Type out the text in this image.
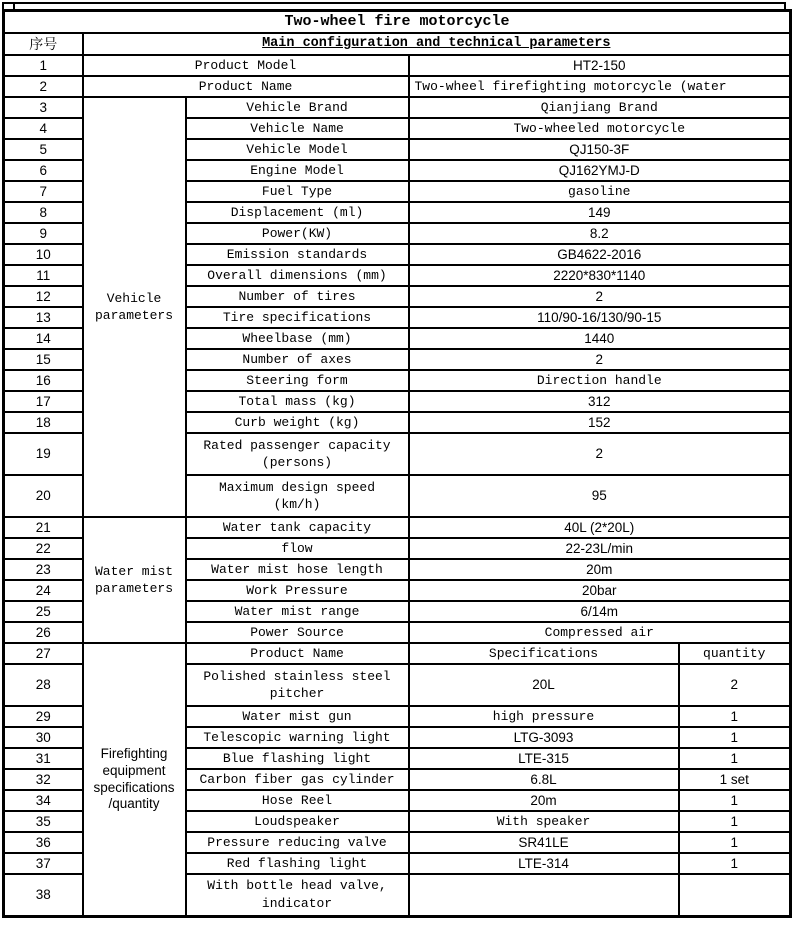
Two-wheel fire motorcycle				
序号	Main configuration and technical parameters			
1	Product Model		HT2-150	
2	Product Name		Two-wheel firefighting motorcycle (water	
3	Vehicle parameters	Vehicle Brand	Qianjiang Brand	
4		Vehicle Name	Two-wheeled motorcycle	
5		Vehicle Model	QJ150-3F	
6		Engine Model	QJ162YMJ-D	
7		Fuel Type	gasoline	
8		Displacement (ml)	149	
9		Power(KW)	8.2	
10		Emission standards	GB4622-2016	
11		Overall dimensions (mm)	2220*830*1140	
12		Number of tires	2	
13		Tire specifications	110/90-16/130/90-15	
14		Wheelbase (mm)	1440	
15		Number of axes	2	
16		Steering form	Direction handle	
17		Total mass (kg)	312	
18		Curb weight (kg)	152	
19		Rated passenger capacity (persons)	2	
20		Maximum design speed (km/h)	95	
21	Water mist parameters	Water tank capacity	40L (2*20L)	
22		flow	22-23L/min	
23		Water mist hose length	20m	
24		Work Pressure	20bar	
25		Water mist range	6/14m	
26		Power Source	Compressed air	
27	Firefighting equipment specifications /quantity	Product Name	Specifications	quantity
28		Polished stainless steel pitcher	20L	2
29		Water mist gun	high pressure	1
30		Telescopic warning light	LTG-3093	1
31		Blue flashing light	LTE-315	1
32		Carbon fiber gas cylinder	6.8L	1 set
34		Hose Reel	20m	1
35		Loudspeaker	With speaker	1
36		Pressure reducing valve	SR41LE	1
37		Red flashing light	LTE-314	1
38		With bottle head valve, indicator		
